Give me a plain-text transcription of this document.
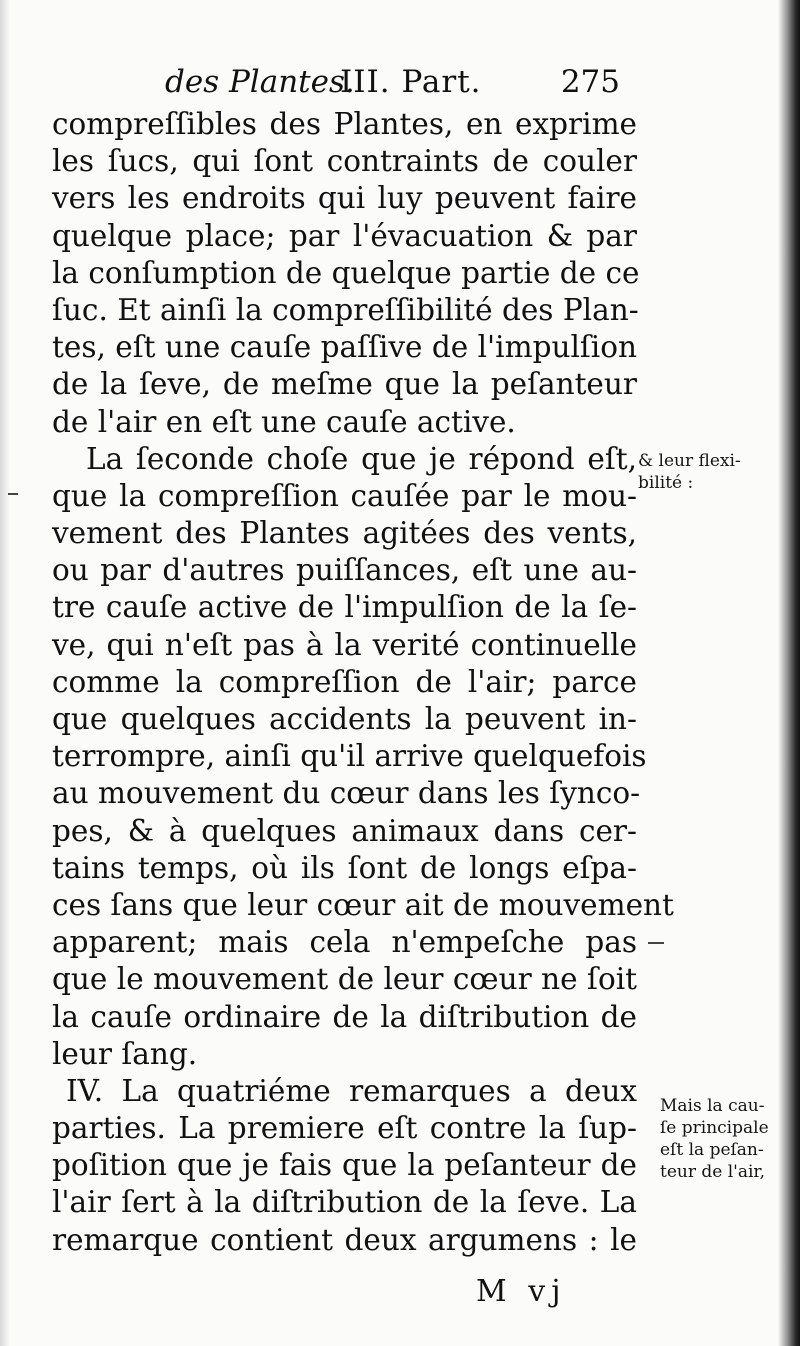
des Plantes.
III. Part.	275
compreſſibles des Plantes, en exprime
les ſucs, qui ſont contraints de couler
vers les endroits qui luy peuvent faire
quelque place; par l'évacuation & par
la conſumption de quelque partie de ce
ſuc. Et ainſi la compreſſibilité des Plan-
tes, eſt une cauſe paſſive de l'impulſion
de la ſeve, de meſme que la peſanteur
de l'air en eſt une cauſe active.
La ſeconde choſe que je répond eſt,
que la compreſſion cauſée par le mou-
vement des Plantes agitées des vents,
ou par d'autres puiſſances, eſt une au-
tre cauſe active de l'impulſion de la ſe-
ve, qui n'eſt pas à la verité continuelle
comme la compreſſion de l'air; parce
que quelques accidents la peuvent in-
terrompre, ainſi qu'il arrive quelquefois
au mouvement du cœur dans les ſynco-
pes, & à quelques animaux dans cer-
tains temps, où ils ſont de longs eſpa-
ces ſans que leur cœur ait de mouvement
apparent; mais cela n'empeſche pas
que le mouvement de leur cœur ne ſoit
la cauſe ordinaire de la diſtribution de
leur ſang.
IV. La quatriéme remarques a deux
parties. La premiere eſt contre la ſup-
poſition que je fais que la peſanteur de
l'air ſert à la diſtribution de la ſeve. La
remarque contient deux argumens : le
& leur flexi-
bilité :
Mais la cau-
ſe principale
eſt la peſan-
teur de l'air,
M vj
